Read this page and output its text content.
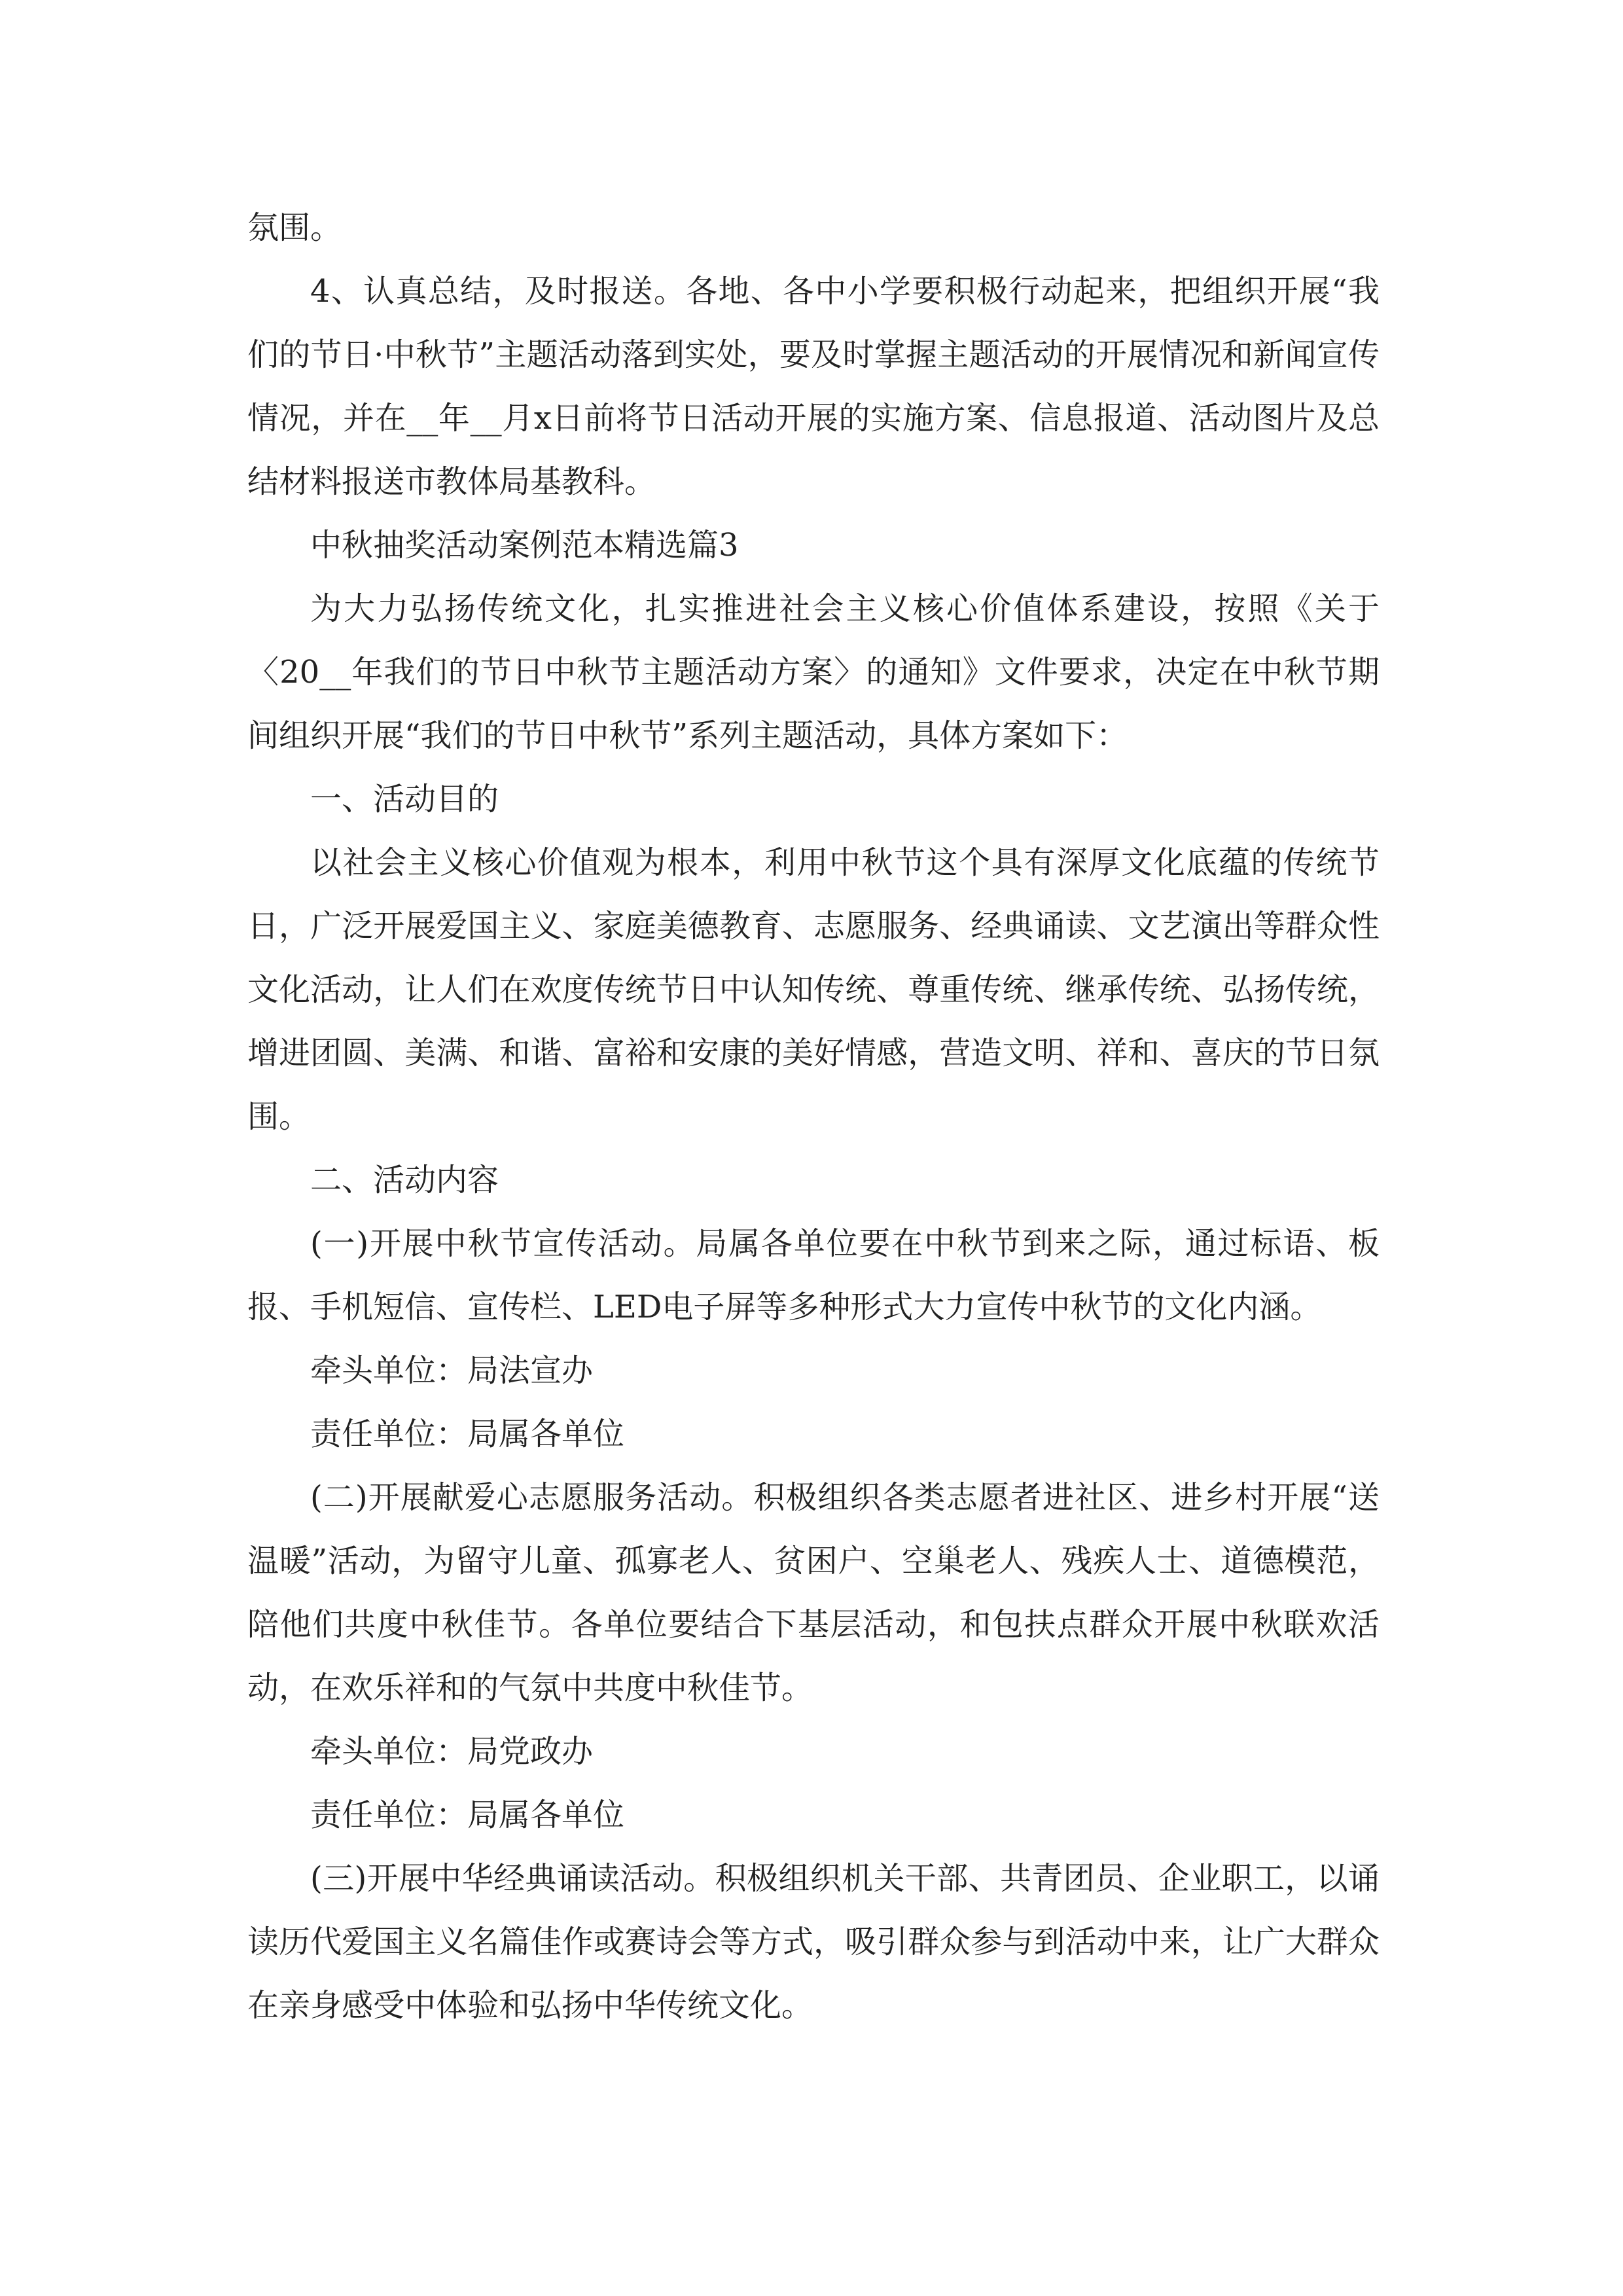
氛围。

4、认真总结，及时报送。各地、各中小学要积极行动起来，把组织开展“我们的节日·中秋节”主题活动落到实处，要及时掌握主题活动的开展情况和新闻宣传情况，并在__年__月x日前将节日活动开展的实施方案、信息报道、活动图片及总结材料报送市教体局基教科。

中秋抽奖活动案例范本精选篇3

为大力弘扬传统文化，扎实推进社会主义核心价值体系建设，按照《关于〈20__年我们的节日中秋节主题活动方案〉的通知》文件要求，决定在中秋节期间组织开展“我们的节日中秋节”系列主题活动，具体方案如下：

一、活动目的

以社会主义核心价值观为根本，利用中秋节这个具有深厚文化底蕴的传统节日，广泛开展爱国主义、家庭美德教育、志愿服务、经典诵读、文艺演出等群众性文化活动，让人们在欢度传统节日中认知传统、尊重传统、继承传统、弘扬传统，增进团圆、美满、和谐、富裕和安康的美好情感，营造文明、祥和、喜庆的节日氛围。

二、活动内容

(一)开展中秋节宣传活动。局属各单位要在中秋节到来之际，通过标语、板报、手机短信、宣传栏、LED电子屏等多种形式大力宣传中秋节的文化内涵。

牵头单位：局法宣办

责任单位：局属各单位

(二)开展献爱心志愿服务活动。积极组织各类志愿者进社区、进乡村开展“送温暖”活动，为留守儿童、孤寡老人、贫困户、空巢老人、残疾人士、道德模范，陪他们共度中秋佳节。各单位要结合下基层活动，和包扶点群众开展中秋联欢活动，在欢乐祥和的气氛中共度中秋佳节。

牵头单位：局党政办

责任单位：局属各单位

(三)开展中华经典诵读活动。积极组织机关干部、共青团员、企业职工，以诵读历代爱国主义名篇佳作或赛诗会等方式，吸引群众参与到活动中来，让广大群众在亲身感受中体验和弘扬中华传统文化。
